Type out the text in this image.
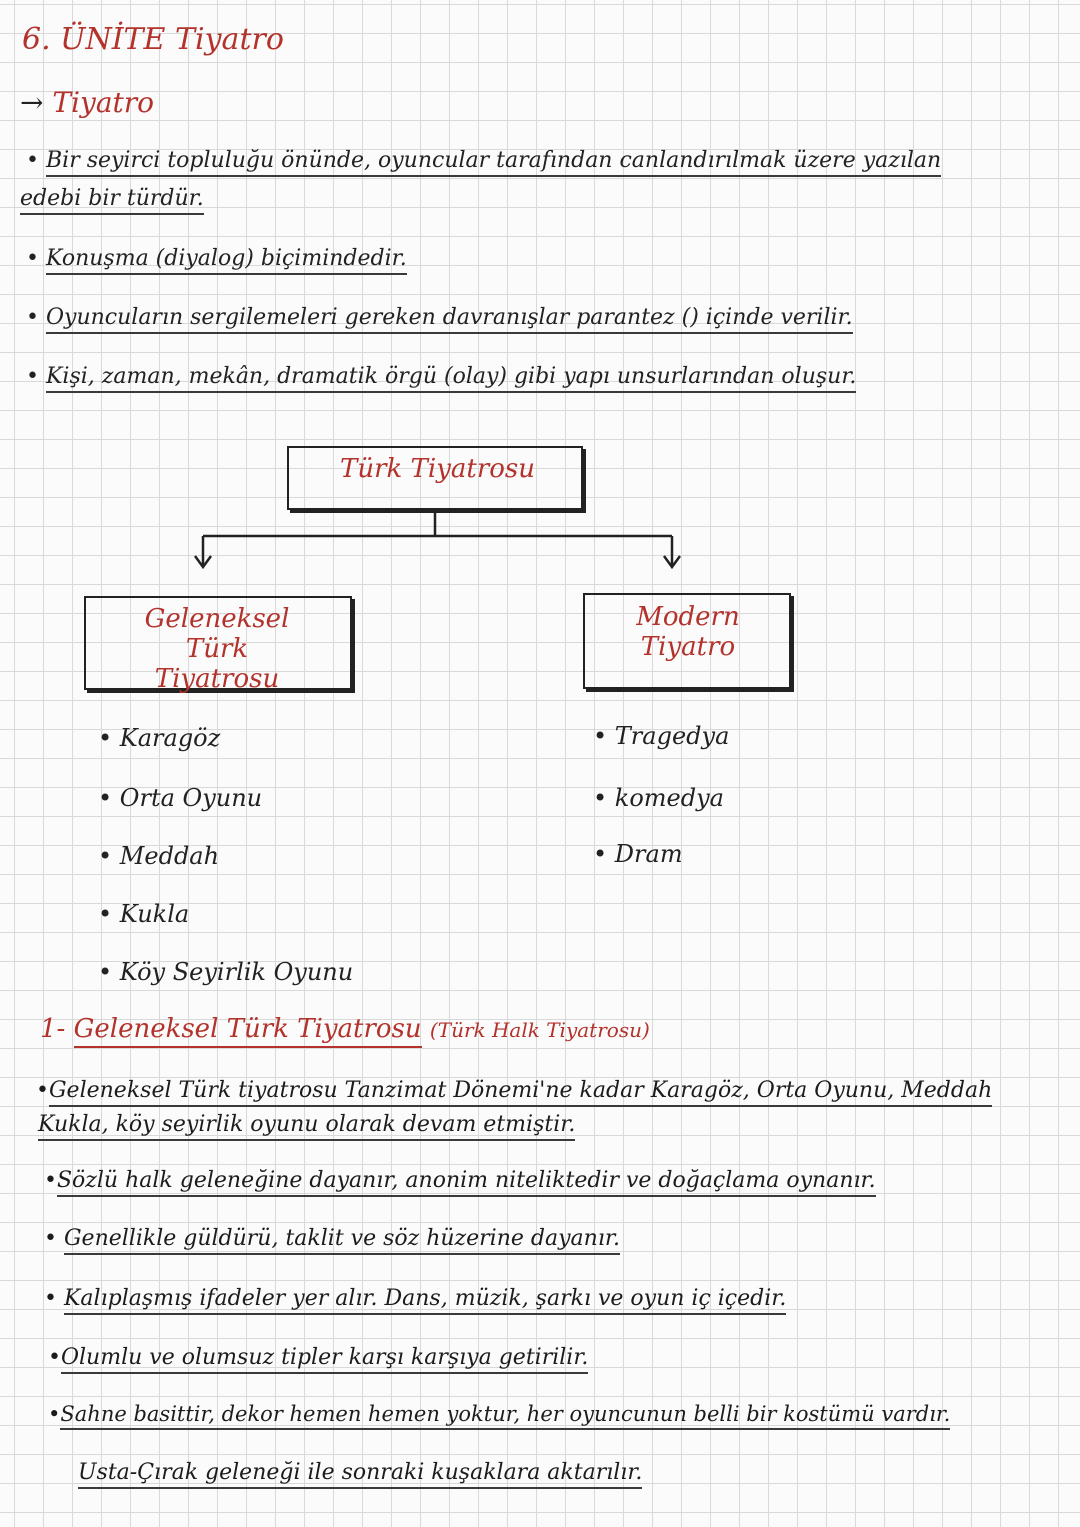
6. ÜNİTE Tiyatro
→ Tiyatro
• Bir seyirci topluluğu önünde, oyuncular tarafından canlandırılmak üzere yazılan
edebi bir türdür.
• Konuşma (diyalog) biçimindedir.
• Oyuncuların sergilemeleri gereken davranışlar parantez () içinde verilir.
• Kişi, zaman, mekân, dramatik örgü (olay) gibi yapı unsurlarından oluşur.
Türk Tiyatrosu
Geleneksel Türk
Tiyatrosu
Modern
Tiyatro
• Karagöz
• Orta Oyunu
• Meddah
• Kukla
• Köy Seyirlik Oyunu
• Tragedya
• komedya
• Dram
1- Geleneksel Türk Tiyatrosu (Türk Halk Tiyatrosu)
•Geleneksel Türk tiyatrosu Tanzimat Dönemi'ne kadar Karagöz, Orta Oyunu, Meddah
Kukla, köy seyirlik oyunu olarak devam etmiştir.
•Sözlü halk geleneğine dayanır, anonim niteliktedir ve doğaçlama oynanır.
• Genellikle güldürü, taklit ve söz hüzerine dayanır.
• Kalıplaşmış ifadeler yer alır. Dans, müzik, şarkı ve oyun iç içedir.
•Olumlu ve olumsuz tipler karşı karşıya getirilir.
•Sahne basittir, dekor hemen hemen yoktur, her oyuncunun belli bir kostümü vardır.
Usta-Çırak geleneği ile sonraki kuşaklara aktarılır.
